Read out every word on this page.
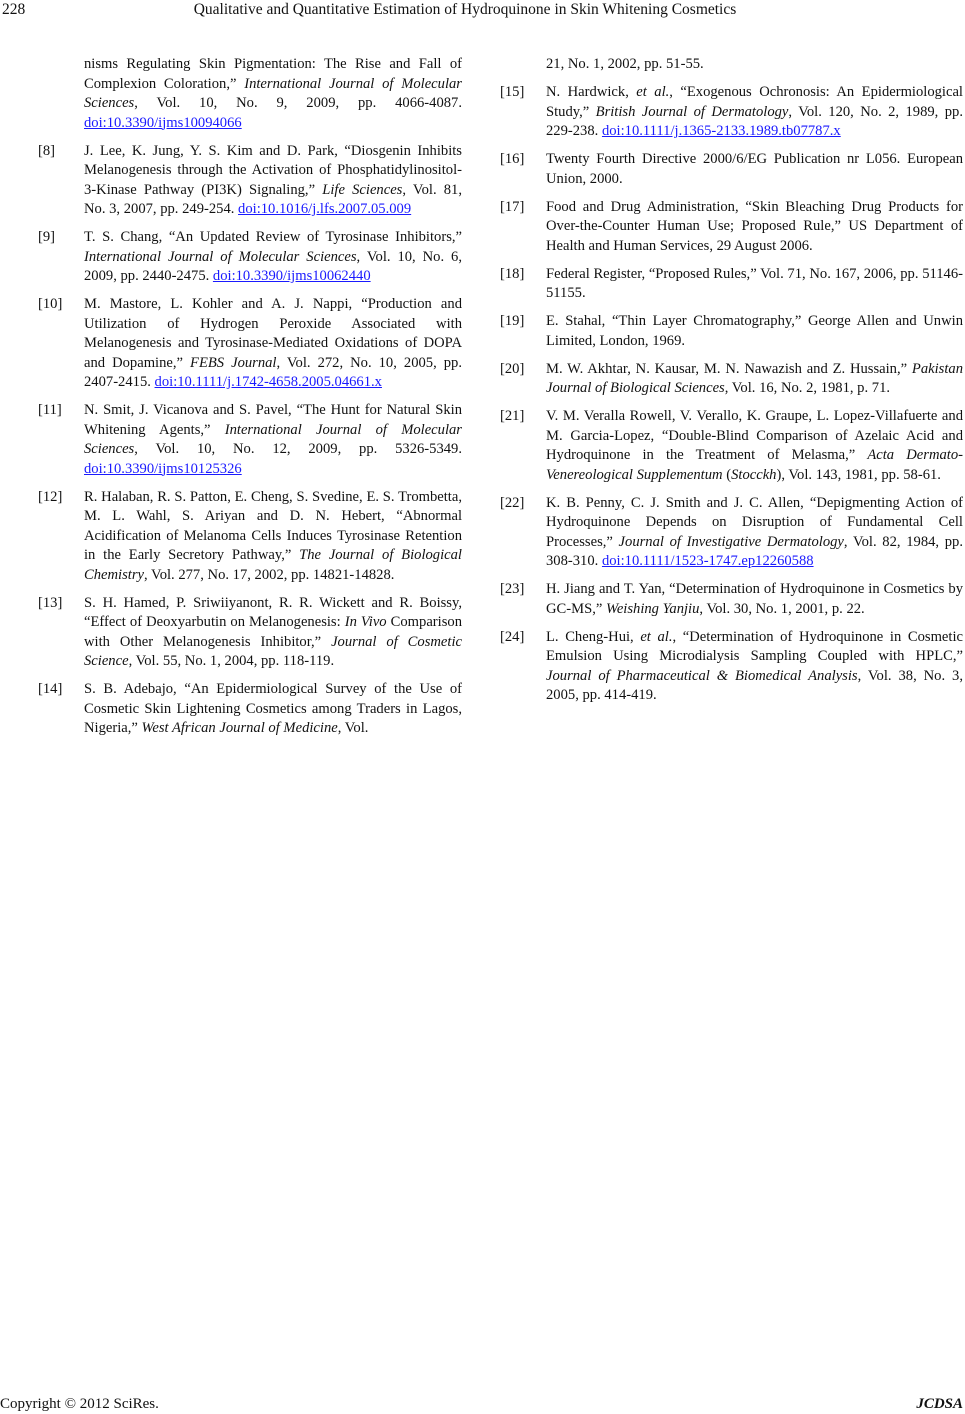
228	Qualitative and Quantitative Estimation of Hydroquinone in Skin Whitening Cosmetics
nisms Regulating Skin Pigmentation: The Rise and Fall of Complexion Coloration,” International Journal of Molecular Sciences, Vol. 10, No. 9, 2009, pp. 4066-4087. doi:10.3390/ijms10094066
[8] J. Lee, K. Jung, Y. S. Kim and D. Park, “Diosgenin Inhibits Melanogenesis through the Activation of Phosphatidylinositol-3-Kinase Pathway (PI3K) Signaling,” Life Sciences, Vol. 81, No. 3, 2007, pp. 249-254. doi:10.1016/j.lfs.2007.05.009
[9] T. S. Chang, “An Updated Review of Tyrosinase Inhibitors,” International Journal of Molecular Sciences, Vol. 10, No. 6, 2009, pp. 2440-2475. doi:10.3390/ijms10062440
[10] M. Mastore, L. Kohler and A. J. Nappi, “Production and Utilization of Hydrogen Peroxide Associated with Melanogenesis and Tyrosinase-Mediated Oxidations of DOPA and Dopamine,” FEBS Journal, Vol. 272, No. 10, 2005, pp. 2407-2415. doi:10.1111/j.1742-4658.2005.04661.x
[11] N. Smit, J. Vicanova and S. Pavel, “The Hunt for Natural Skin Whitening Agents,” International Journal of Molecular Sciences, Vol. 10, No. 12, 2009, pp. 5326-5349. doi:10.3390/ijms10125326
[12] R. Halaban, R. S. Patton, E. Cheng, S. Svedine, E. S. Trombetta, M. L. Wahl, S. Ariyan and D. N. Hebert, “Abnormal Acidification of Melanoma Cells Induces Tyrosinase Retention in the Early Secretory Pathway,” The Journal of Biological Chemistry, Vol. 277, No. 17, 2002, pp. 14821-14828.
[13] S. H. Hamed, P. Sriwiiyanont, R. R. Wickett and R. Boissy, “Effect of Deoxyarbutin on Melanogenesis: In Vivo Comparison with Other Melanogenesis Inhibitor,” Journal of Cosmetic Science, Vol. 55, No. 1, 2004, pp. 118-119.
[14] S. B. Adebajo, “An Epidermiological Survey of the Use of Cosmetic Skin Lightening Cosmetics among Traders in Lagos, Nigeria,” West African Journal of Medicine, Vol.
21, No. 1, 2002, pp. 51-55.
[15] N. Hardwick, et al., “Exogenous Ochronosis: An Epidermiological Study,” British Journal of Dermatology, Vol. 120, No. 2, 1989, pp. 229-238. doi:10.1111/j.1365-2133.1989.tb07787.x
[16] Twenty Fourth Directive 2000/6/EG Publication nr L056. European Union, 2000.
[17] Food and Drug Administration, “Skin Bleaching Drug Products for Over-the-Counter Human Use; Proposed Rule,” US Department of Health and Human Services, 29 August 2006.
[18] Federal Register, “Proposed Rules,” Vol. 71, No. 167, 2006, pp. 51146-51155.
[19] E. Stahal, “Thin Layer Chromatography,” George Allen and Unwin Limited, London, 1969.
[20] M. W. Akhtar, N. Kausar, M. N. Nawazish and Z. Hussain,” Pakistan Journal of Biological Sciences, Vol. 16, No. 2, 1981, p. 71.
[21] V. M. Veralla Rowell, V. Verallo, K. Graupe, L. Lopez-Villafuerte and M. Garcia-Lopez, “Double-Blind Comparison of Azelaic Acid and Hydroquinone in the Treatment of Melasma,” Acta Dermato-Venereological Supplementum (Stocckh), Vol. 143, 1981, pp. 58-61.
[22] K. B. Penny, C. J. Smith and J. C. Allen, “Depigmenting Action of Hydroquinone Depends on Disruption of Fundamental Cell Processes,” Journal of Investigative Dermatology, Vol. 82, 1984, pp. 308-310. doi:10.1111/1523-1747.ep12260588
[23] H. Jiang and T. Yan, “Determination of Hydroquinone in Cosmetics by GC-MS,” Weishing Yanjiu, Vol. 30, No. 1, 2001, p. 22.
[24] L. Cheng-Hui, et al., “Determination of Hydroquinone in Cosmetic Emulsion Using Microdialysis Sampling Coupled with HPLC,” Journal of Pharmaceutical & Biomedical Analysis, Vol. 38, No. 3, 2005, pp. 414-419.
Copyright © 2012 SciRes.	JCDSA
